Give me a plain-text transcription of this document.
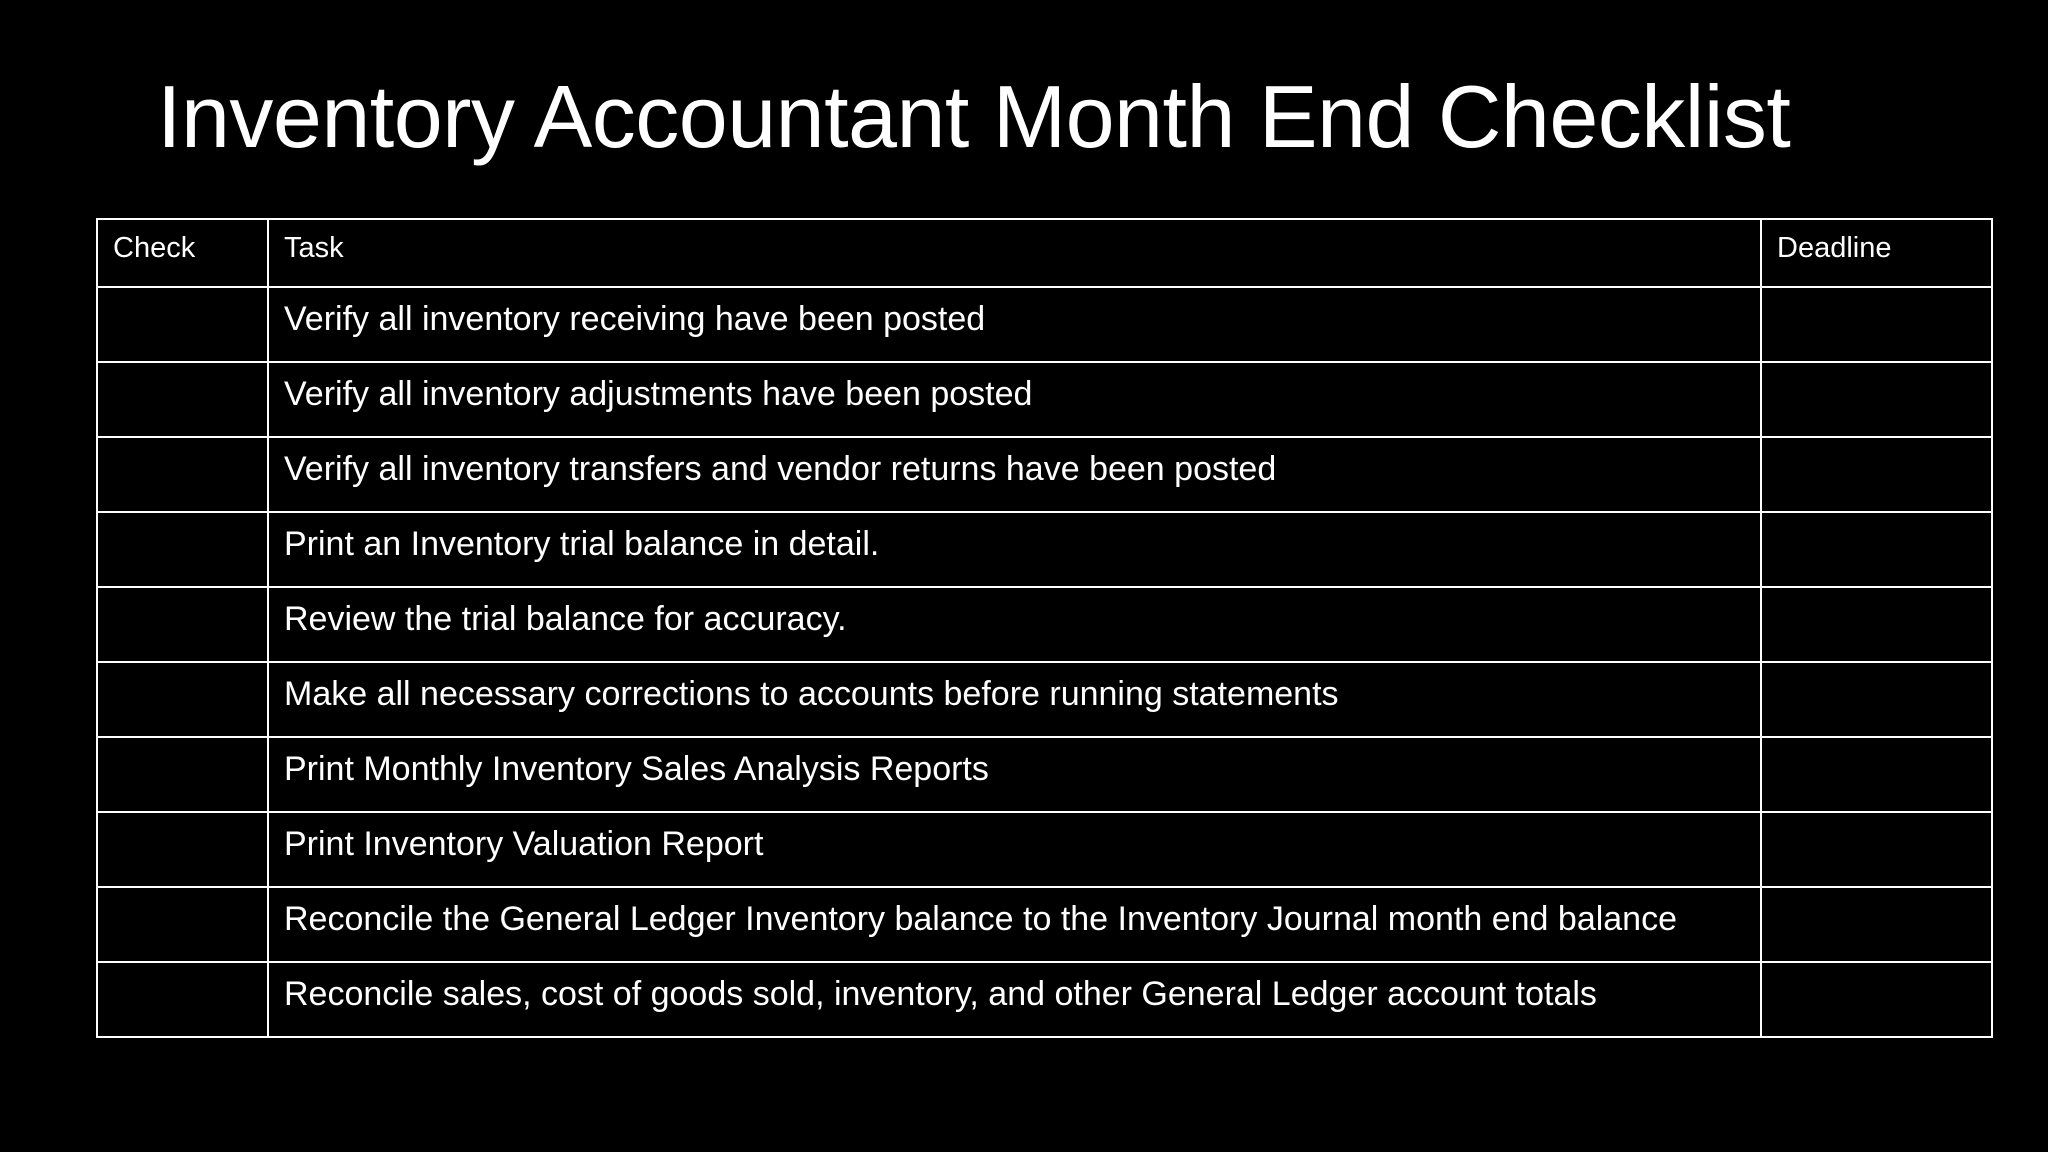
Inventory Accountant Month End Checklist
Check	Task	Deadline
	Verify all inventory receiving have been posted	
	Verify all inventory adjustments have been posted	
	Verify all inventory transfers and vendor returns have been posted	
	Print an Inventory trial balance in detail.	
	Review the trial balance for accuracy.	
	Make all necessary corrections to accounts before running statements	
	Print Monthly Inventory Sales Analysis Reports	
	Print Inventory Valuation Report	
	Reconcile the General Ledger Inventory balance to the Inventory Journal month end balance	
	Reconcile sales, cost of goods sold, inventory, and other General Ledger account totals	
